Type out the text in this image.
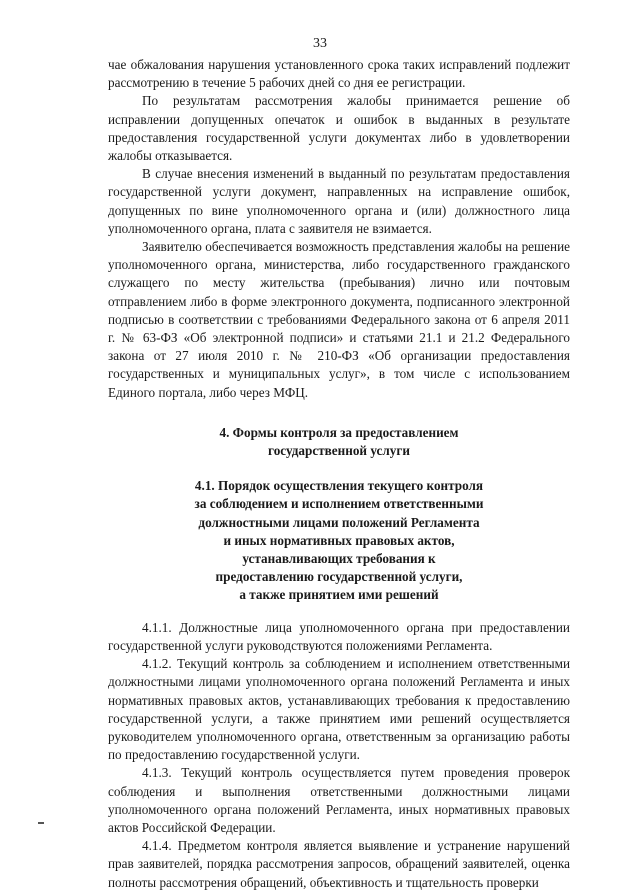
33

чае обжалования нарушения установленного срока таких исправлений подлежит рассмотрению в течение 5 рабочих дней со дня ее регистрации.

По результатам рассмотрения жалобы принимается решение об исправлении допущенных опечаток и ошибок в выданных в результате предоставления государственной услуги документах либо в удовлетворении жалобы отказывается.

В случае внесения изменений в выданный по результатам предоставления государственной услуги документ, направленных на исправление ошибок, допущенных по вине уполномоченного органа и (или) должностного лица уполномоченного органа, плата с заявителя не взимается.

Заявителю обеспечивается возможность представления жалобы на решение уполномоченного органа, министерства, либо государственного гражданского служащего по месту жительства (пребывания) лично или почтовым отправлением либо в форме электронного документа, подписанного электронной подписью в соответствии с требованиями Федерального закона от 6 апреля 2011 г. № 63-ФЗ «Об электронной подписи» и статьями 21.1 и 21.2 Федерального закона от 27 июля 2010 г. № 210-ФЗ «Об организации предоставления государственных и муниципальных услуг», в том числе с использованием Единого портала, либо через МФЦ.

4. Формы контроля за предоставлением
государственной услуги
4.1. Порядок осуществления текущего контроля
за соблюдением и исполнением ответственными
должностными лицами положений Регламента
и иных нормативных правовых актов,
устанавливающих требования к
предоставлению государственной услуги,
а также принятием ими решений

4.1.1. Должностные лица уполномоченного органа при предоставлении государственной услуги руководствуются положениями Регламента.

4.1.2. Текущий контроль за соблюдением и исполнением ответственными должностными лицами уполномоченного органа положений Регламента и иных нормативных правовых актов, устанавливающих требования к предоставлению государственной услуги, а также принятием ими решений осуществляется руководителем уполномоченного органа, ответственным за организацию работы по предоставлению государственной услуги.

4.1.3. Текущий контроль осуществляется путем проведения проверок соблюдения и выполнения ответственными должностными лицами уполномоченного органа положений Регламента, иных нормативных правовых актов Российской Федерации.

4.1.4. Предметом контроля является выявление и устранение нарушений прав заявителей, порядка рассмотрения запросов, обращений заявителей, оценка полноты рассмотрения обращений, объективность и тщательность проверки
